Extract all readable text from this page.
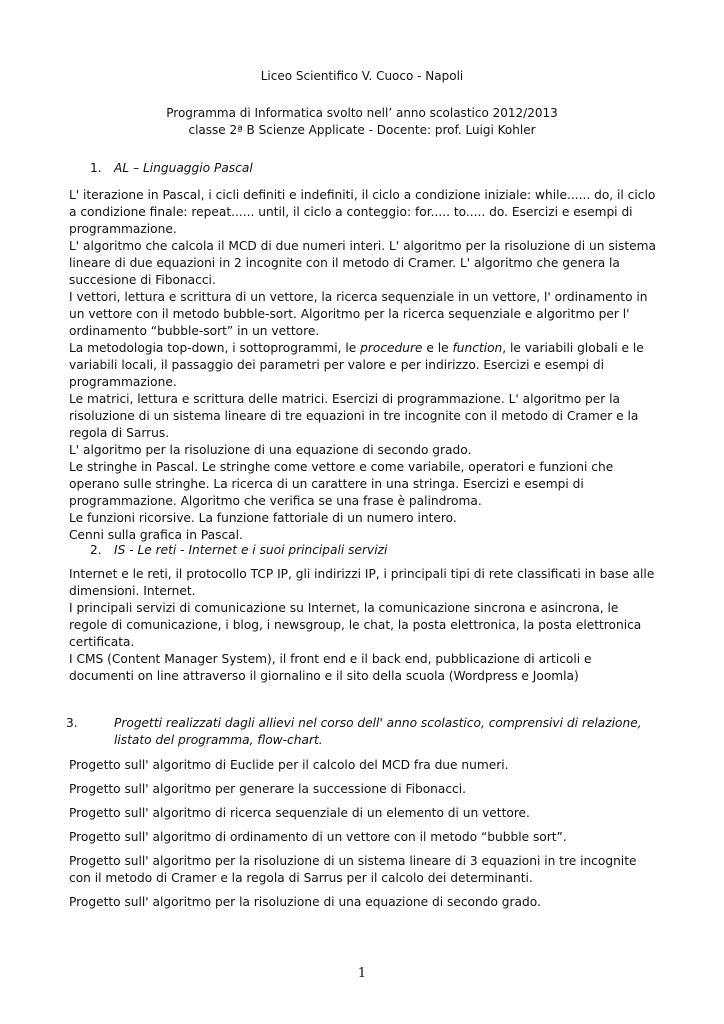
Liceo Scientifico V. Cuoco - Napoli
Programma di Informatica svolto nell’ anno scolastico 2012/2013
classe 2ª B Scienze Applicate - Docente: prof. Luigi Kohler
1. AL – Linguaggio Pascal

L' iterazione in Pascal, i cicli definiti e indefiniti, il ciclo a condizione iniziale: while...... do, il ciclo a condizione finale: repeat...... until, il ciclo a conteggio: for..... to..... do. Esercizi e esempi di programmazione.

L' algoritmo che calcola il MCD di due numeri interi. L' algoritmo per la risoluzione di un sistema lineare di due equazioni in 2 incognite con il metodo di Cramer. L' algoritmo che genera la succesione di Fibonacci.

I vettori, lettura e scrittura di un vettore, la ricerca sequenziale in un vettore, l' ordinamento in un vettore con il metodo bubble-sort. Algoritmo per la ricerca sequenziale e algoritmo per l' ordinamento “bubble-sort” in un vettore.

La metodologia top-down, i sottoprogrammi, le procedure e le function, le variabili globali e le variabili locali, il passaggio dei parametri per valore e per indirizzo. Esercizi e esempi di programmazione.

Le matrici, lettura e scrittura delle matrici. Esercizi di programmazione. L' algoritmo per la risoluzione di un sistema lineare di tre equazioni in tre incognite con il metodo di Cramer e la regola di Sarrus.

L' algoritmo per la risoluzione di una equazione di secondo grado.

Le stringhe in Pascal. Le stringhe come vettore e come variabile, operatori e funzioni che operano sulle stringhe. La ricerca di un carattere in una stringa. Esercizi e esempi di programmazione. Algoritmo che verifica se una frase è palindroma.

Le funzioni ricorsive. La funzione fattoriale di un numero intero.

Cenni sulla grafica in Pascal.

2. IS - Le reti - Internet e i suoi principali servizi

Internet e le reti, il protocollo TCP IP, gli indirizzi IP, i principali tipi di rete classificati in base alle dimensioni. Internet.

I principali servizi di comunicazione su Internet, la comunicazione sincrona e asincrona, le regole di comunicazione, i blog, i newsgroup, le chat, la posta elettronica, la posta elettronica certificata.

I CMS (Content Manager System), il front end e il back end, pubblicazione di articoli e documenti on line attraverso il giornalino e il sito della scuola (Wordpress e Joomla)

3.	Progetti realizzati dagli allievi nel corso dell' anno scolastico, comprensivi di relazione, listato del programma, flow-chart.

Progetto sull' algoritmo di Euclide per il calcolo del MCD fra due numeri.

Progetto sull' algoritmo per generare la successione di Fibonacci.

Progetto sull' algoritmo di ricerca sequenziale di un elemento di un vettore.

Progetto sull' algoritmo di ordinamento di un vettore con il metodo “bubble sort”.

Progetto sull' algoritmo per la risoluzione di un sistema lineare di 3 equazioni in tre incognite con il metodo di Cramer e la regola di Sarrus per il calcolo dei determinanti.

Progetto sull' algoritmo per la risoluzione di una equazione di secondo grado.

1
